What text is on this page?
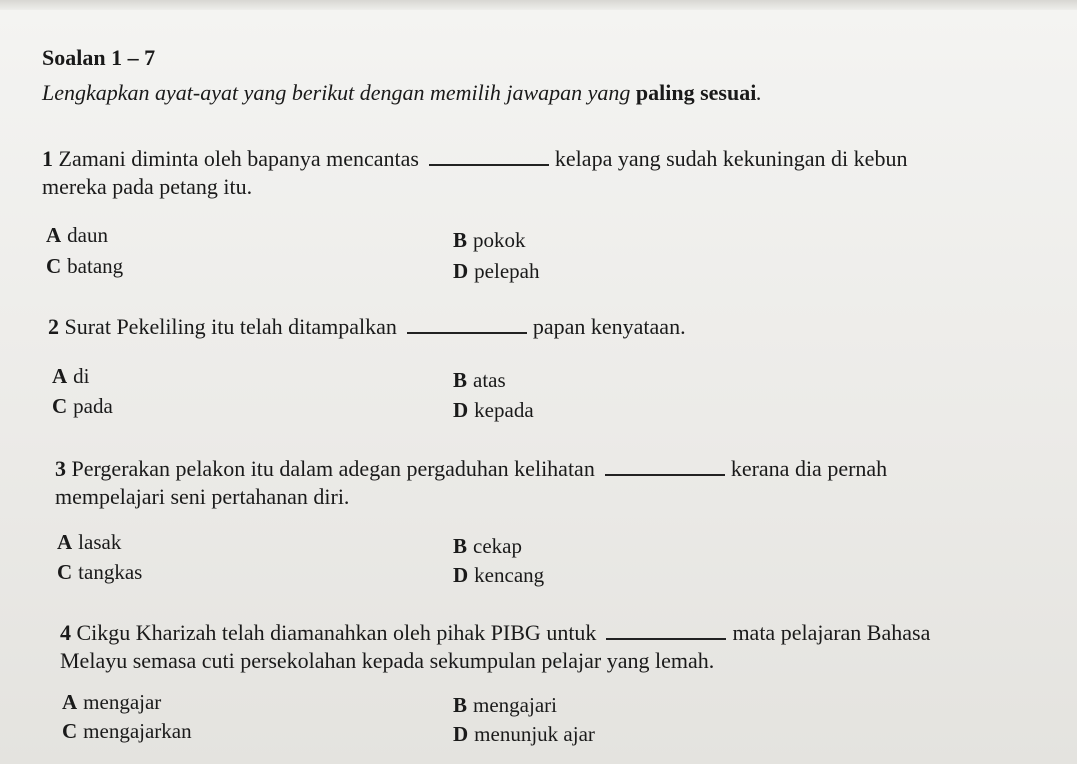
Soalan 1 – 7
Lengkapkan ayat-ayat yang berikut dengan memilih jawapan yang paling sesuai.
1 Zamani diminta oleh bapanya mencantas	kelapa yang sudah kekuningan di kebun
mereka pada petang itu.
A daun	B pokok
C batang	D pelepah
2 Surat Pekeliling itu telah ditampalkan	papan kenyataan.
A di	B atas
C pada	D kepada
3 Pergerakan pelakon itu dalam adegan pergaduhan kelihatan	kerana dia pernah
mempelajari seni pertahanan diri.
A lasak	B cekap
C tangkas	D kencang
4 Cikgu Kharizah telah diamanahkan oleh pihak PIBG untuk	mata pelajaran Bahasa
Melayu semasa cuti persekolahan kepada sekumpulan pelajar yang lemah.
A mengajar	B mengajari
C mengajarkan	D menunjuk ajar
